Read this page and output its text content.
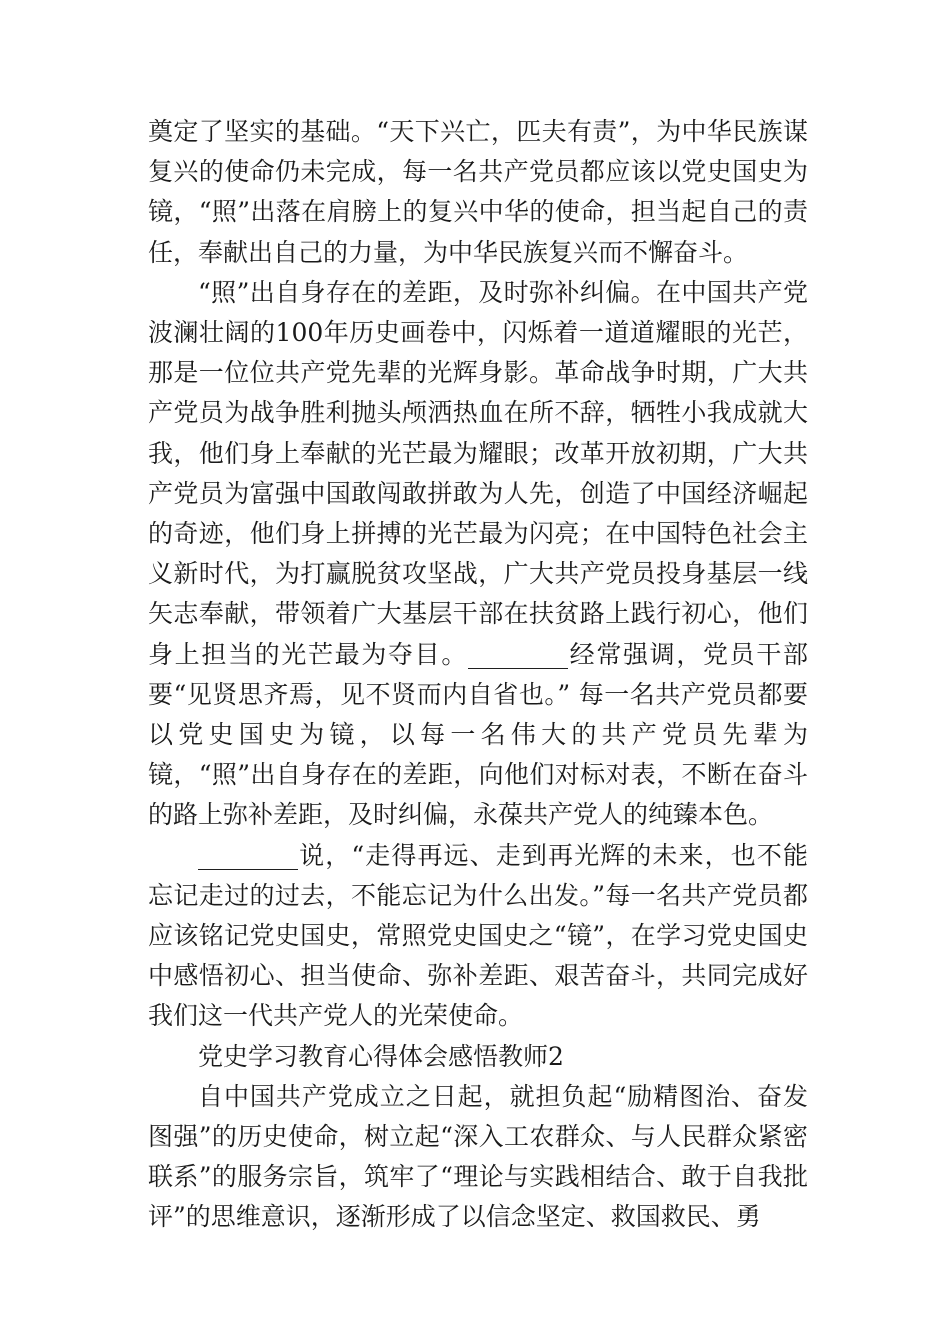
奠定了坚实的基础。“天下兴亡，匹夫有责”，为中华民族谋复兴的使命仍未完成，每一名共产党员都应该以党史国史为镜，“照”出落在肩膀上的复兴中华的使命，担当起自己的责任，奉献出自己的力量，为中华民族复兴而不懈奋斗。

“照”出自身存在的差距，及时弥补纠偏。在中国共产党波澜壮阔的100年历史画卷中，闪烁着一道道耀眼的光芒，那是一位位共产党先辈的光辉身影。革命战争时期，广大共产党员为战争胜利抛头颅洒热血在所不辞，牺牲小我成就大我，他们身上奉献的光芒最为耀眼；改革开放初期，广大共产党员为富强中国敢闯敢拼敢为人先，创造了中国经济崛起的奇迹，他们身上拼搏的光芒最为闪亮；在中国特色社会主义新时代，为打赢脱贫攻坚战，广大共产党员投身基层一线矢志奉献，带领着广大基层干部在扶贫路上践行初心，他们身上担当的光芒最为夺目。________经常强调，党员干部要“见贤思齐焉，见不贤而内自省也。” 每一名共产党员都要以党史国史为镜，以每一名伟大的共产党员先辈为镜，“照”出自身存在的差距，向他们对标对表，不断在奋斗的路上弥补差距，及时纠偏，永葆共产党人的纯臻本色。

________说，“走得再远、走到再光辉的未来，也不能忘记走过的过去，不能忘记为什么出发。”每一名共产党员都应该铭记党史国史，常照党史国史之“镜”，在学习党史国史中感悟初心、担当使命、弥补差距、艰苦奋斗，共同完成好我们这一代共产党人的光荣使命。

党史学习教育心得体会感悟教师2

自中国共产党成立之日起，就担负起“励精图治、奋发图强”的历史使命，树立起“深入工农群众、与人民群众紧密联系”的服务宗旨，筑牢了“理论与实践相结合、敢于自我批评”的思维意识，逐渐形成了以信念坚定、救国救民、勇
